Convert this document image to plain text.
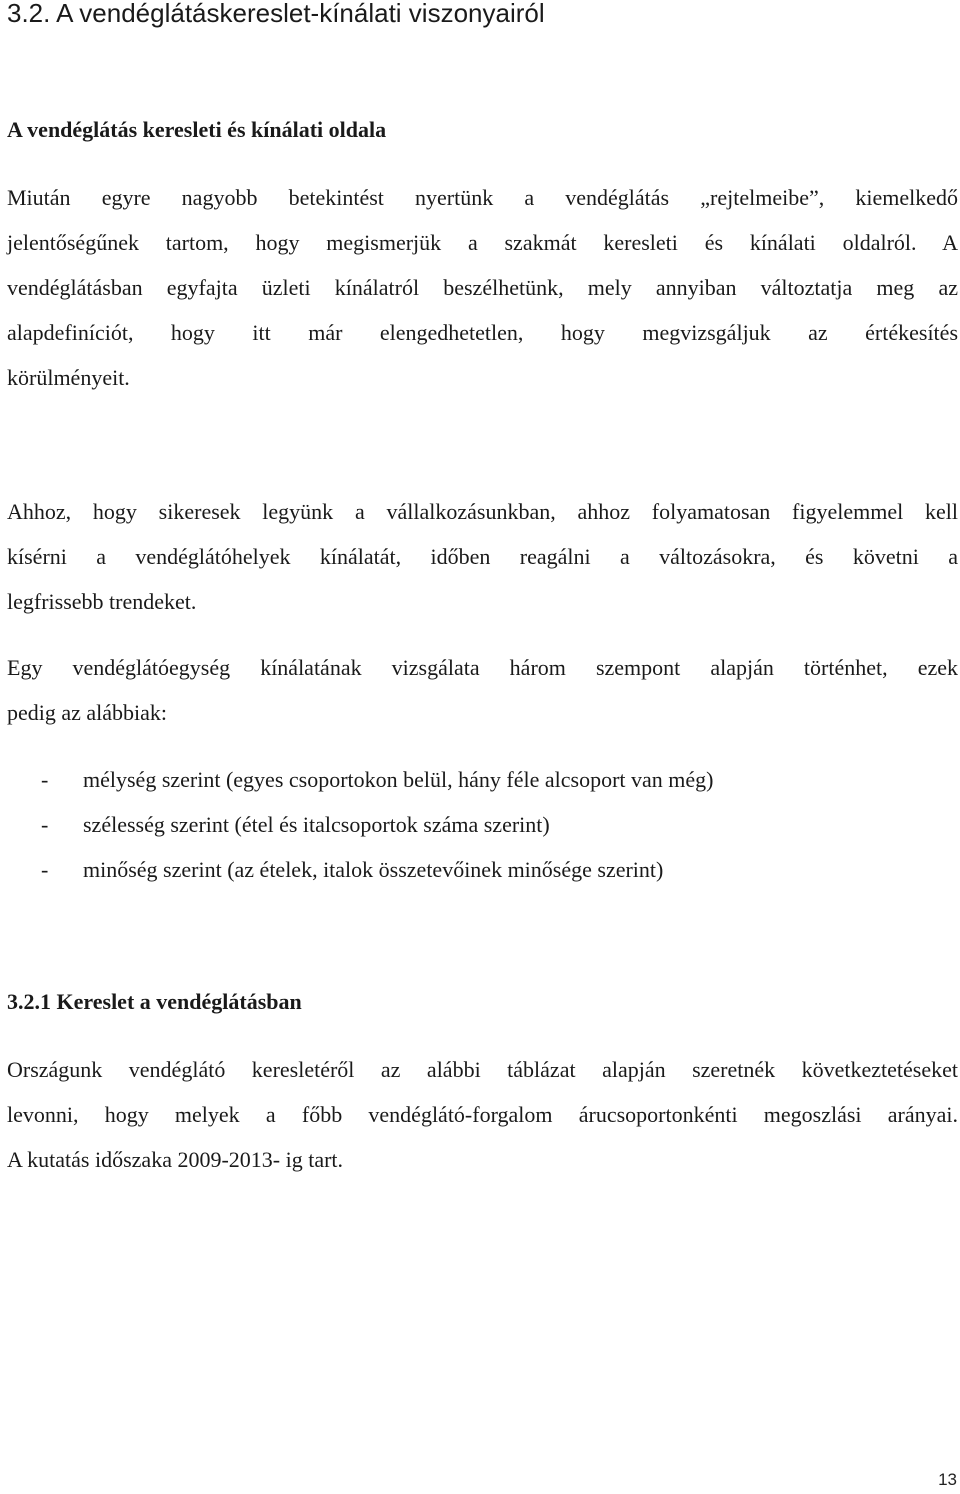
3.2. A vendéglátáskereslet-kínálati viszonyairól
A vendéglátás keresleti és kínálati oldala
Miután egyre nagyobb betekintést nyertünk a vendéglátás „rejtelmeibe”, kiemelkedő
jelentőségűnek tartom, hogy megismerjük a szakmát keresleti és kínálati oldalról. A
vendéglátásban egyfajta üzleti kínálatról beszélhetünk, mely annyiban változtatja meg az
alapdefiníciót, hogy itt már elengedhetetlen, hogy megvizsgáljuk az értékesítés
körülményeit.
Ahhoz, hogy sikeresek legyünk a vállalkozásunkban, ahhoz folyamatosan figyelemmel kell
kísérni a vendéglátóhelyek kínálatát, időben reagálni a változásokra, és követni a
legfrissebb trendeket.
Egy vendéglátóegység kínálatának vizsgálata három szempont alapján történhet, ezek
pedig az alábbiak:
- mélység szerint (egyes csoportokon belül, hány féle alcsoport van még)
- szélesség szerint (étel és italcsoportok száma szerint)
- minőség szerint (az ételek, italok összetevőinek minősége szerint)
3.2.1 Kereslet a vendéglátásban
Országunk vendéglátó keresletéről az alábbi táblázat alapján szeretnék következtetéseket
levonni, hogy melyek a főbb vendéglátó-forgalom árucsoportonkénti megoszlási arányai.
A kutatás időszaka 2009-2013- ig tart.
13
